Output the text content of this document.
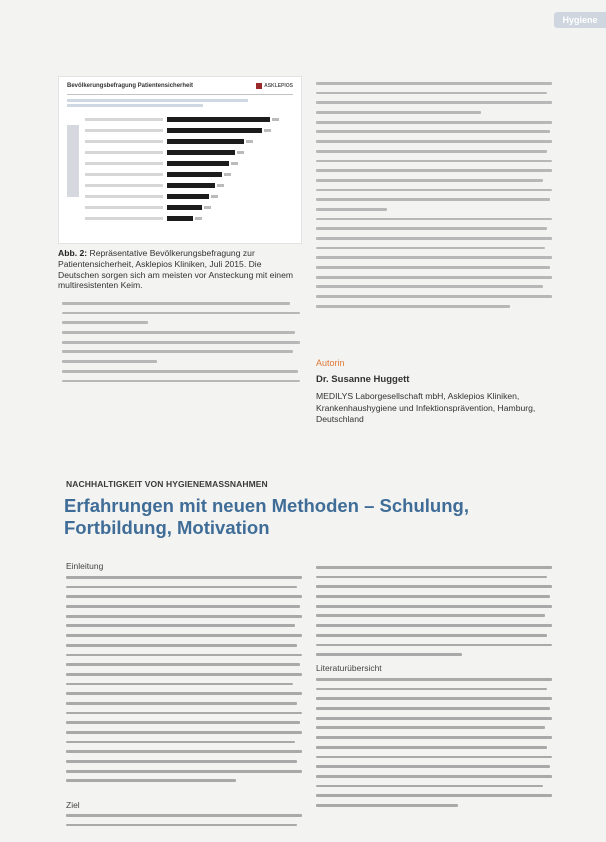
Hygiene
Bevölkerungsbefragung Patientensicherheit	ASKLEPIOS
Abb. 2: Repräsentative Bevölkerungsbefragung zur Patientensicherheit, Asklepios Kliniken, Juli 2015. Die Deutschen sorgen sich am meisten vor Ansteckung mit einem multiresistenten Keim.
Autorin
Dr. Susanne Huggett
MEDILYS Laborgesellschaft mbH, Asklepios Kliniken, Krankenhaushygiene und Infektionsprävention, Hamburg, Deutschland
NACHHALTIGKEIT VON HYGIENEMASSNAHMEN
Erfahrungen mit neuen Methoden – Schulung, Fortbildung, Motivation
Einleitung
Ziel
Literaturübersicht
